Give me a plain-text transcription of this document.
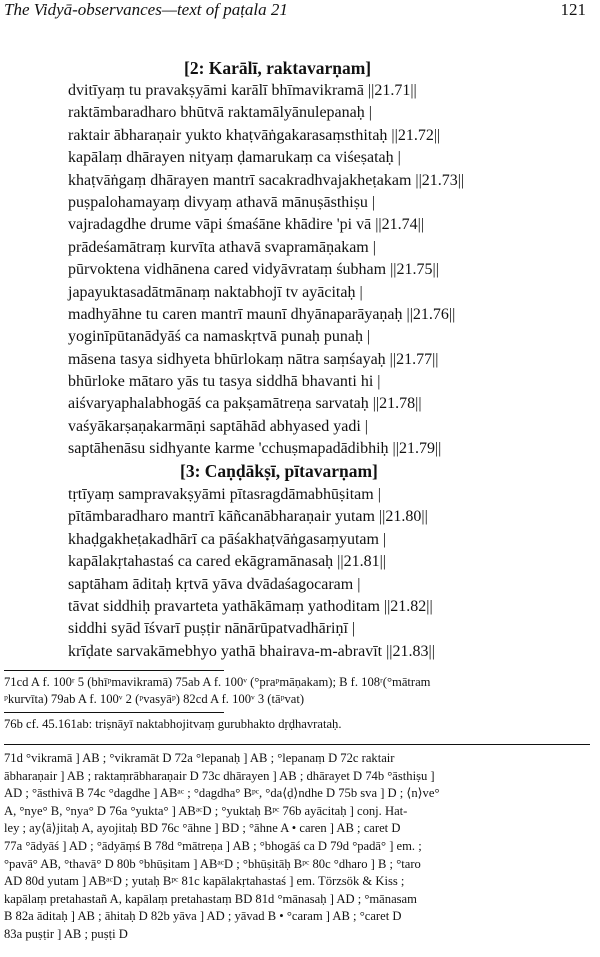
The Vidyā-observances—text of paṭala 21	121
[2: Karālī, raktavarṇam]
dvitīyaṃ tu pravakṣyāmi karālī bhīmavikramā ||21.71||
raktāmbaradharo bhūtvā raktamālyānulepanaḥ |
raktair ābharaṇair yukto khaṭvāṅgakarasaṃsthitaḥ ||21.72||
kapālaṃ dhārayen nityaṃ ḍamarukaṃ ca viśeṣataḥ |
khaṭvāṅgaṃ dhārayen mantrī sacakradhvajakheṭakam ||21.73||
puṣpalohamayaṃ divyaṃ athavā mānuṣāsthiṣu |
vajradagdhe drume vāpi śmaśāne khādire 'pi vā ||21.74||
prādeśamātraṃ kurvīta athavā svapramāṇakam |
pūrvoktena vidhānena cared vidyāvrataṃ śubham ||21.75||
japayuktasadātmānaṃ naktabhojī tv ayācitaḥ |
madhyāhne tu caren mantrī maunī dhyānaparāyaṇaḥ ||21.76||
yoginīpūtanādyāś ca namaskṛtvā punaḥ punaḥ |
māsena tasya sidhyeta bhūrlokaṃ nātra saṃśayaḥ ||21.77||
bhūrloke mātaro yās tu tasya siddhā bhavanti hi |
aiśvaryaphalabhogāś ca pakṣamātreṇa sarvataḥ ||21.78||
vaśyākarṣaṇakarmāṇi saptāhād abhyased yadi |
saptāhenāsu sidhyante karme 'cchuṣmapadādibhiḥ ||21.79||
[3: Caṇḍākṣī, pītavarṇam]
tṛtīyaṃ sampravakṣyāmi pītasragdāmabhūṣitam |
pītāmbaradharo mantrī kāñcanābharaṇair yutam ||21.80||
khaḍgakheṭakadhārī ca pāśakhaṭvāṅgasaṃyutam |
kapālakṛtahastaś ca cared ekāgramānasaḥ ||21.81||
saptāham āditaḥ kṛtvā yāva dvādaśagocaram |
tāvat siddhiḥ pravarteta yathākāmaṃ yathoditam ||21.82||
siddhi syād īśvarī puṣṭir nānārūpatvadhāriṇī |
krīḍate sarvakāmebhyo yathā bhairava-m-abravīt ||21.83||
71cd A f. 100ʳ 5 (bhīᵖmavikramā) 75ab A f. 100ᵛ (°praᵖmāṇakam); B f. 108ʳ(°mātram
ᵖkurvīta) 79ab A f. 100ᵛ 2 (ᵖvasyāᵖ) 82cd A f. 100ᵛ 3 (tāᵖvat)
76b cf. 45.161ab: triṣnāyī naktabhojitvaṃ gurubhakto dṛḍhavrataḥ.
71d °vikramā ] AB ; °vikramāt D 72a °lepanaḥ ] AB ; °lepanaṃ D 72c raktair
ābharaṇair ] AB ; raktaṃrābharaṇair D 73c dhārayen ] AB ; dhārayet D 74b °āsthiṣu ]
AD ; °āsthivā B 74c °dagdhe ] ABᵃᶜ ; °dagdha° Bᵖᶜ, °da⟨ḍ⟩ndhe D 75b sva ] D ; ⟨n⟩ve°
A, °nye° B, °nya° D 76a °yukta° ] ABᵃᶜD ; °yuktaḥ Bᵖᶜ 76b ayācitaḥ ] conj. Hat-
ley ; ay⟨ā⟩jitaḥ A, ayojitaḥ BD 76c °āhne ] BD ; °āhne A • caren ] AB ; caret D
77a °ādyāś ] AD ; °ādyāṃś B 78d °mātreṇa ] AB ; °bhogāś ca D 79d °padā° ] em. ;
°pavā° AB, °thavā° D 80b °bhūṣitam ] ABᵃᶜD ; °bhūṣitāḥ Bᵖᶜ 80c °dharo ] B ; °taro
AD 80d yutam ] ABᵃᶜD ; yutaḥ Bᵖᶜ 81c kapālakṛtahastaś ] em. Törzsök & Kiss ;
kapālaṃ pretahastañ A, kapālaṃ pretahastaṃ BD 81d °mānasaḥ ] AD ; °mānasam
B 82a āditaḥ ] AB ; āhitaḥ D 82b yāva ] AD ; yāvad B • °caram ] AB ; °caret D
83a puṣṭir ] AB ; puṣṭi D
